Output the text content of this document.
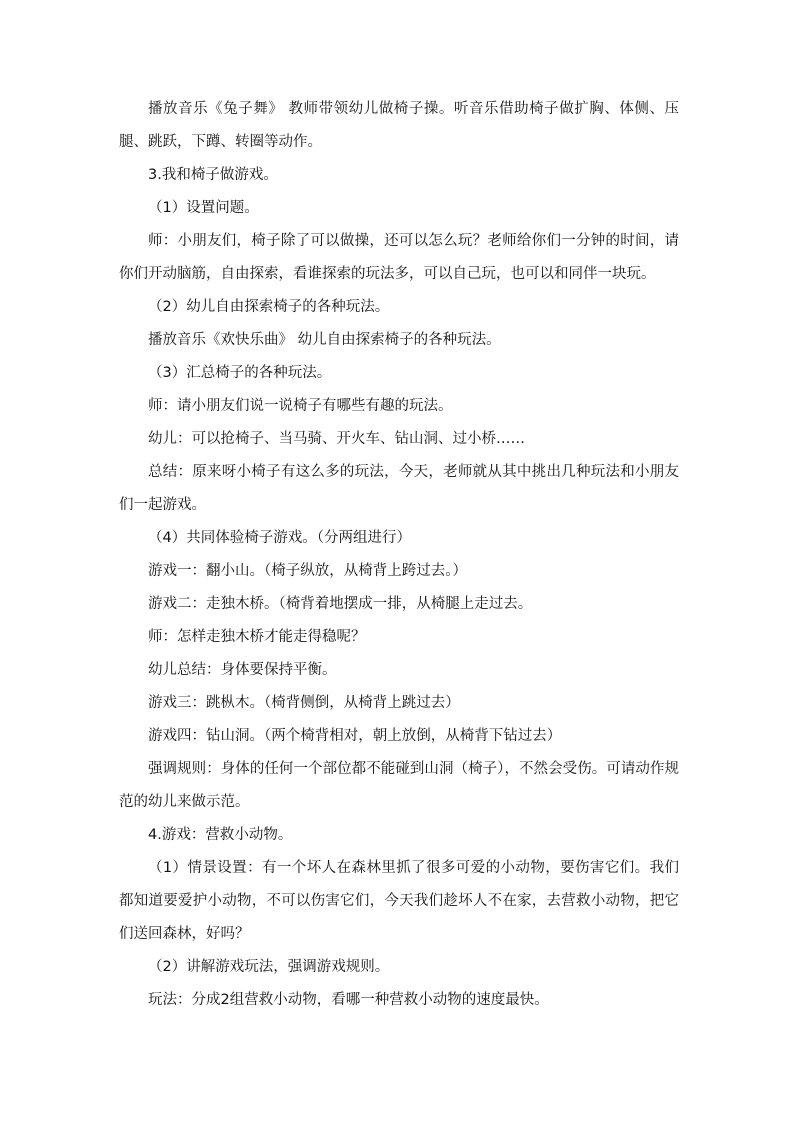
播放音乐《兔子舞》 教师带领幼儿做椅子操。听音乐借助椅子做扩胸、体侧、压腿、跳跃，下蹲、转圈等动作。

3.我和椅子做游戏。

（1）设置问题。

师：小朋友们，椅子除了可以做操，还可以怎么玩？老师给你们一分钟的时间，请你们开动脑筋，自由探索，看谁探索的玩法多，可以自己玩，也可以和同伴一块玩。

（2）幼儿自由探索椅子的各种玩法。

播放音乐《欢快乐曲》 幼儿自由探索椅子的各种玩法。

（3）汇总椅子的各种玩法。

师：请小朋友们说一说椅子有哪些有趣的玩法。

幼儿：可以抢椅子、当马骑、开火车、钻山洞、过小桥……

总结：原来呀小椅子有这么多的玩法，今天，老师就从其中挑出几种玩法和小朋友们一起游戏。

（4）共同体验椅子游戏。（分两组进行）

游戏一：翻小山。（椅子纵放，从椅背上跨过去。）

游戏二：走独木桥。（椅背着地摆成一排，从椅腿上走过去。

师：怎样走独木桥才能走得稳呢？

幼儿总结：身体要保持平衡。

游戏三：跳枞木。（椅背侧倒，从椅背上跳过去）

游戏四：钻山洞。（两个椅背相对，朝上放倒，从椅背下钻过去）

强调规则：身体的任何一个部位都不能碰到山洞（椅子），不然会受伤。可请动作规范的幼儿来做示范。

4.游戏：营救小动物。

（1）情景设置：有一个坏人在森林里抓了很多可爱的小动物，要伤害它们。我们都知道要爱护小动物，不可以伤害它们，今天我们趁坏人不在家，去营救小动物，把它们送回森林，好吗？

（2）讲解游戏玩法，强调游戏规则。

玩法：分成2组营救小动物，看哪一种营救小动物的速度最快。
